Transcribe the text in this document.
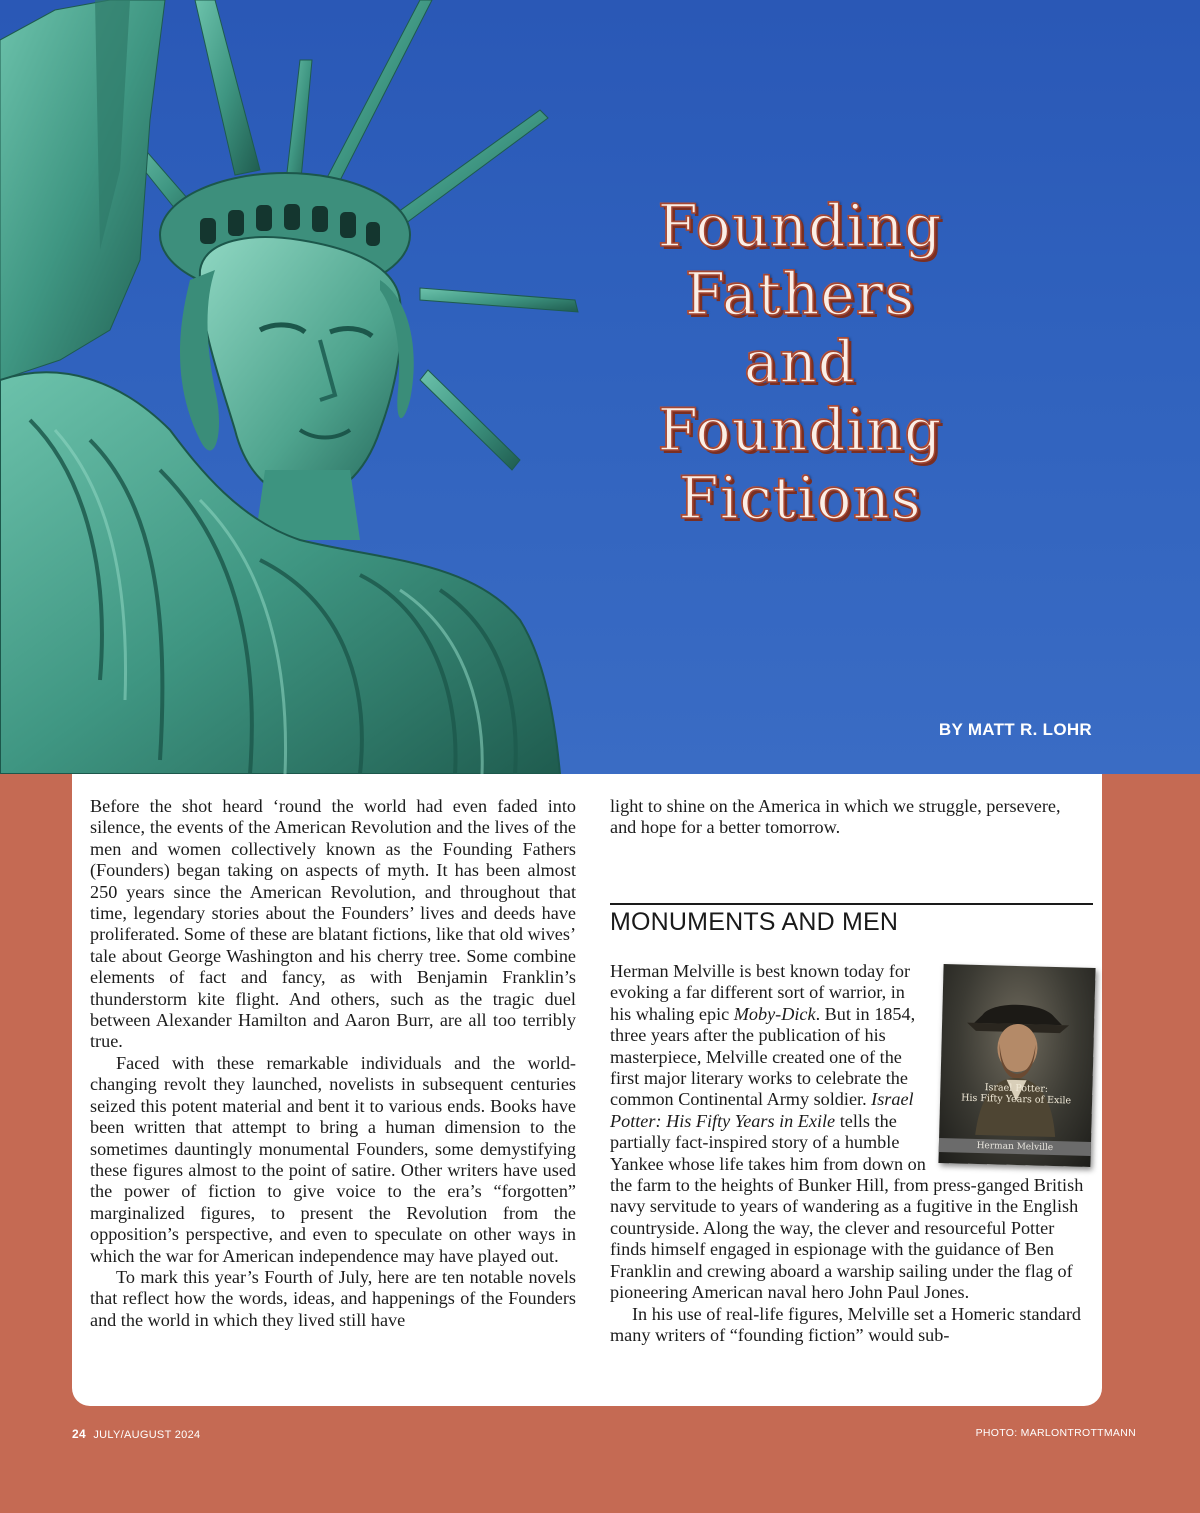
Founding
Fathers
and
Founding
Fictions
BY MATT R. LOHR

Before the shot heard ‘round the world had even faded into silence, the events of the American Revolution and the lives of the men and women collectively known as the Founding Fathers (Founders) began taking on aspects of myth. It has been almost 250 years since the American Revolution, and throughout that time, legendary stories about the Founders’ lives and deeds have proliferated. Some of these are blatant fictions, like that old wives’ tale about George Washington and his cherry tree. Some combine elements of fact and fancy, as with Benjamin Franklin’s thunderstorm kite flight. And others, such as the tragic duel between Alexander Hamilton and Aaron Burr, are all too terribly true.

Faced with these remarkable individuals and the world-changing revolt they launched, novelists in subsequent centuries seized this potent material and bent it to various ends. Books have been written that attempt to bring a human dimension to the sometimes dauntingly monumental Founders, some demystifying these figures almost to the point of satire. Other writers have used the power of fiction to give voice to the era’s “forgotten” marginalized figures, to present the Revolution from the opposition’s perspective, and even to speculate on other ways in which the war for American independence may have played out.

To mark this year’s Fourth of July, here are ten notable novels that reflect how the words, ideas, and happenings of the Founders and the world in which they lived still have

light to shine on the America in which we struggle, persevere, and hope for a better tomorrow.

MONUMENTS AND MEN
Israel Potter:
His Fifty Years of Exile
Herman Melville

Herman Melville is best known today for evoking a far different sort of warrior, in his whaling epic Moby-Dick. But in 1854, three years after the publication of his masterpiece, Melville created one of the first major literary works to celebrate the common Continental Army soldier. Israel Potter: His Fifty Years in Exile tells the partially fact-inspired story of a humble Yankee whose life takes him from down on the farm to the heights of Bunker Hill, from press-ganged British navy servitude to years of wandering as a fugitive in the English countryside. Along the way, the clever and resourceful Potter finds himself engaged in espionage with the guidance of Ben Franklin and crewing aboard a warship sailing under the flag of pioneering American naval hero John Paul Jones.

In his use of real-life figures, Melville set a Homeric standard many writers of “founding fiction” would sub-

24 JULY/AUGUST 2024	PHOTO: MARLONTROTTMANN
